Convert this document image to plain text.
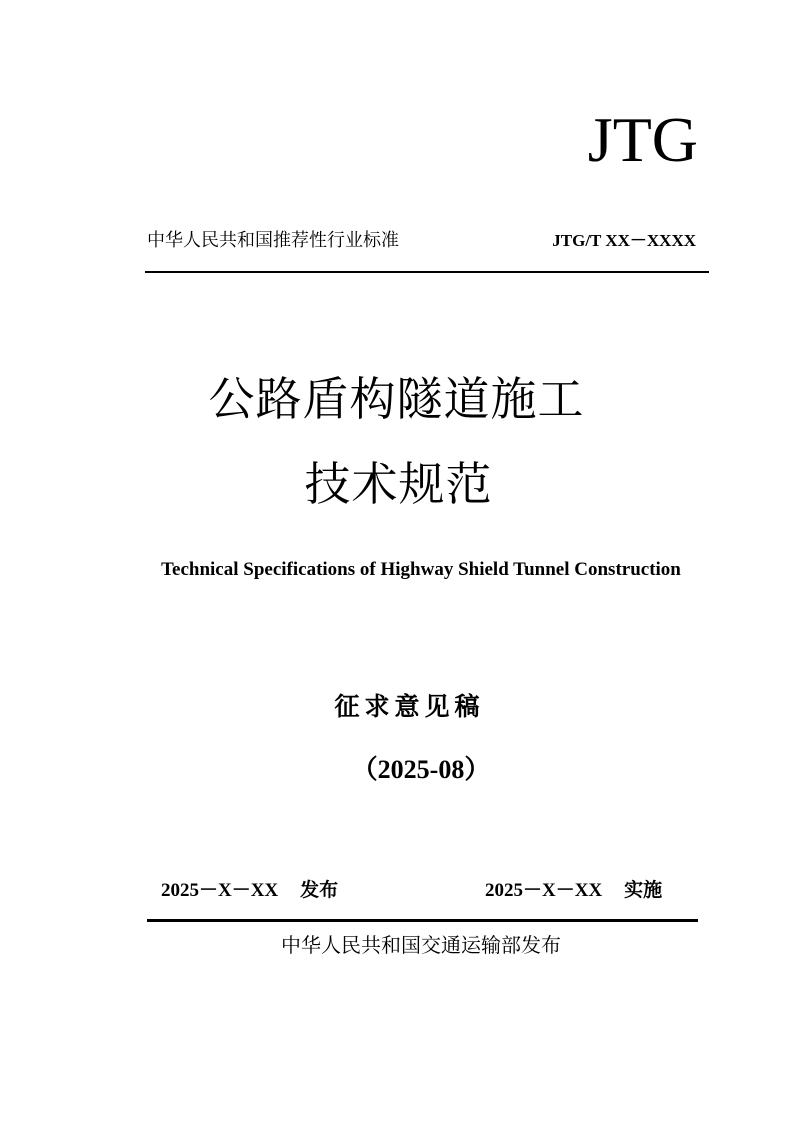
JTG
中华人民共和国推荐性行业标准	JTG/T XX－XXXX
公路盾构隧道施工
技术规范
Technical Specifications of Highway Shield Tunnel Construction
征求意见稿
（2025-08）
2025－X－XX 发布	2025－X－XX 实施
中华人民共和国交通运输部发布
